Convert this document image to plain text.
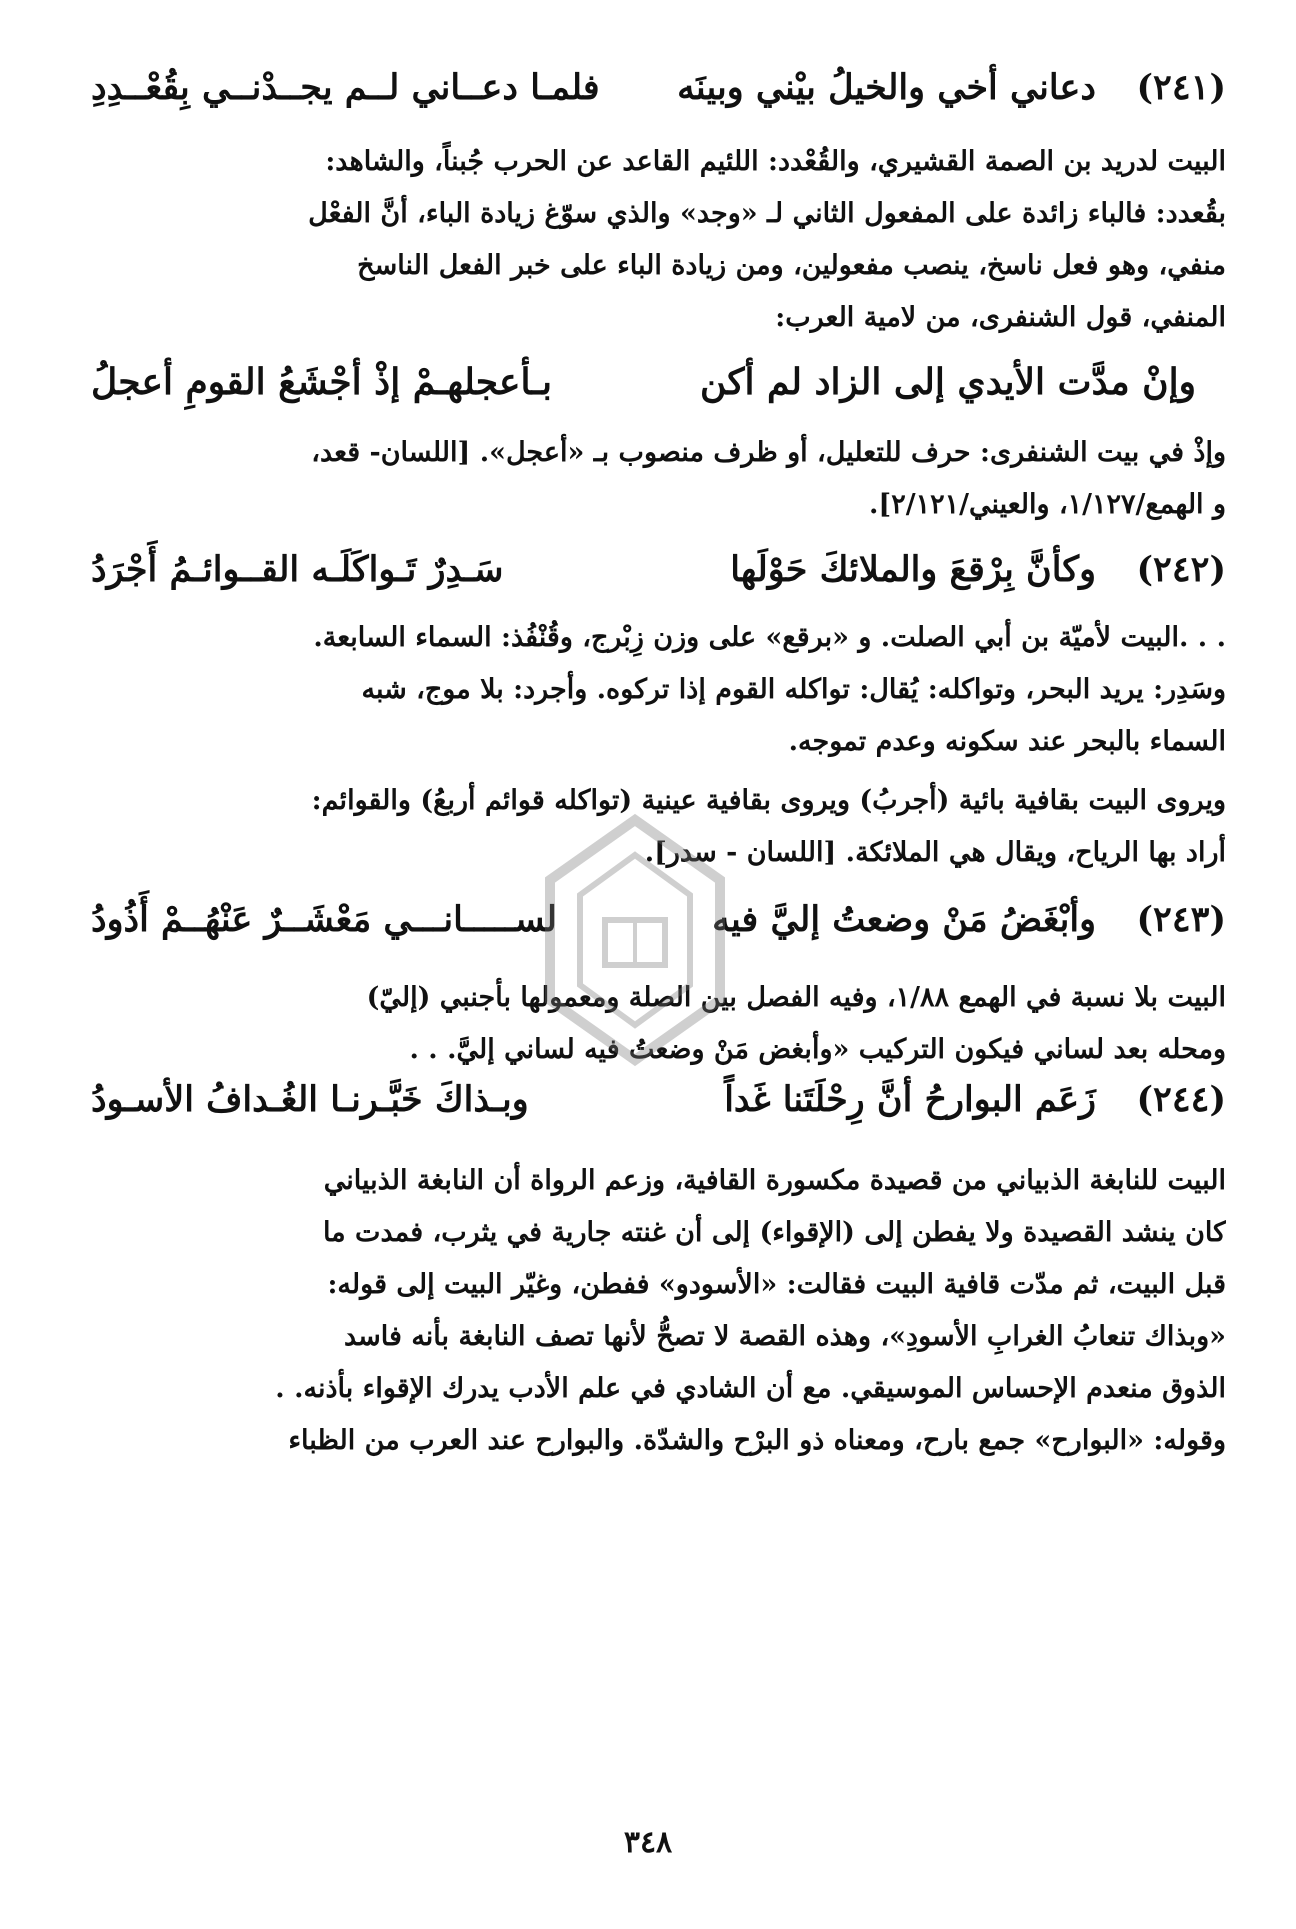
(٢٤١)
دعاني أخي والخيلُ بيْني وبينَه
فلمـا دعــاني لــم يجــدْنــي بِقُعْــدِدِ
البيت لدريد بن الصمة القشيري، والقُعْدد: اللئيم القاعد عن الحرب جُبناً، والشاهد:
بقُعدد: فالباء زائدة على المفعول الثاني لـ «وجد» والذي سوّغ زيادة الباء، أنَّ الفعْل
منفي، وهو فعل ناسخ، ينصب مفعولين، ومن زيادة الباء على خبر الفعل الناسخ
المنفي، قول الشنفرى، من لامية العرب:
وإنْ مدَّت الأيدي إلى الزاد لم أكن
بـأعجلهـمْ إذْ أجْشَعُ القومِ أعجلُ
وإذْ في بيت الشنفرى: حرف للتعليل، أو ظرف منصوب بـ «أعجل». [اللسان- قعد،
و الهمع/١/١٢٧، والعيني/٢/١٢١].
(٢٤٢)
وكأنَّ بِرْقعَ والملائكَ حَوْلَها
سَـدِرٌ تَـواكَلَـه القــوائـمُ أَجْرَدُ
. . .البيت لأميّة بن أبي الصلت. و «برقع» على وزن زِبْرج، وقُنْفُذ: السماء السابعة.
وسَدِر: يريد البحر، وتواكله: يُقال: تواكله القوم إذا تركوه. وأجرد: بلا موج، شبه
السماء بالبحر عند سكونه وعدم تموجه.
ويروى البيت بقافية بائية (أجربُ) ويروى بقافية عينية (تواكله قوائم أربعُ) والقوائم:
أراد بها الرياح، ويقال هي الملائكة. [اللسان - سدر].
(٢٤٣)
وأبْغَضُ مَنْ وضعتُ إليَّ فيه
لســـــانـــي مَعْشَــرٌ عَنْهُــمْ أَذُودُ
البيت بلا نسبة في الهمع ١/٨٨، وفيه الفصل بين الصلة ومعمولها بأجنبي (إليّ)
ومحله بعد لساني فيكون التركيب «وأبغض مَنْ وضعتُ فيه لساني إليَّ. . .
(٢٤٤)
زَعَم البوارحُ أنَّ رِحْلَتَنا غَداً
وبـذاكَ خَبَّـرنـا الغُـدافُ الأسـودُ
البيت للنابغة الذبياني من قصيدة مكسورة القافية، وزعم الرواة أن النابغة الذبياني
كان ينشد القصيدة ولا يفطن إلى (الإقواء) إلى أن غنته جارية في يثرب، فمدت ما
قبل البيت، ثم مدّت قافية البيت فقالت: «الأسودو» ففطن، وغيّر البيت إلى قوله:
«وبذاك تنعابُ الغرابِ الأسودِ»، وهذه القصة لا تصحُّ لأنها تصف النابغة بأنه فاسد
الذوق منعدم الإحساس الموسيقي. مع أن الشادي في علم الأدب يدرك الإقواء بأذنه. .
وقوله: «البوارح» جمع بارح، ومعناه ذو البرْح والشدّة. والبوارح عند العرب من الظباء
٣٤٨
